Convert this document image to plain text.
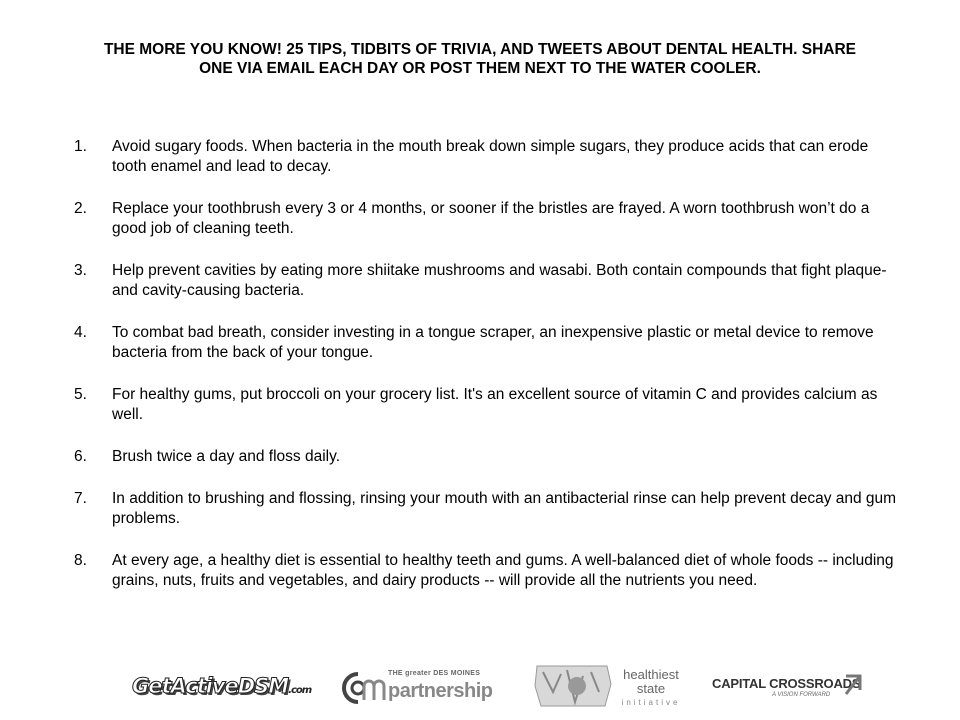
THE MORE YOU KNOW! 25 TIPS, TIDBITS OF TRIVIA, AND TWEETS ABOUT DENTAL HEALTH. SHARE ONE VIA EMAIL EACH DAY OR POST THEM NEXT TO THE WATER COOLER.
1.	Avoid sugary foods. When bacteria in the mouth break down simple sugars, they produce acids that can erode tooth enamel and lead to decay.
2.	Replace your toothbrush every 3 or 4 months, or sooner if the bristles are frayed. A worn toothbrush won’t do a good job of cleaning teeth.
3.	Help prevent cavities by eating more shiitake mushrooms and wasabi. Both contain compounds that fight plaque- and cavity-causing bacteria.
4.	To combat bad breath, consider investing in a tongue scraper, an inexpensive plastic or metal device to remove bacteria from the back of your tongue.
5.	For healthy gums, put broccoli on your grocery list. It's an excellent source of vitamin C and provides calcium as well.
6.	Brush twice a day and floss daily.
7.	In addition to brushing and flossing, rinsing your mouth with an antibacterial rinse can help prevent decay and gum problems.
8.	At every age, a healthy diet is essential to healthy teeth and gums. A well-balanced diet of whole foods -- including grains, nuts, fruits and vegetables, and dairy products -- will provide all the nutrients you need.
GetActiveDSM.com
THE greater DES MOINES
partnership
healthiest
state
initiative
CAPITAL CROSSROADS
A VISION FORWARD
